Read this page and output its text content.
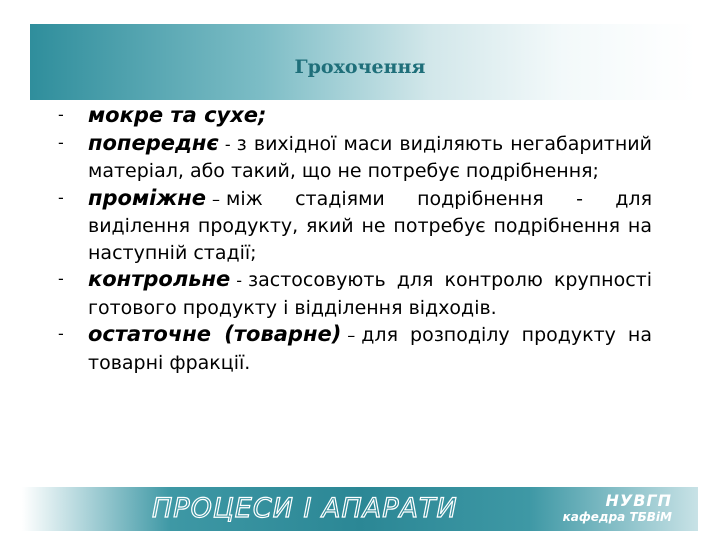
Грохочення
- мокре та сухе;
- попереднє - з вихідної маси виділяють негабаритний матеріал, або такий, що не потребує подрібнення;
- проміжне – між стадіями подрібнення - для виділення продукту, який не потребує подрібнення на наступній стадії;
- контрольне - застосовують для контролю крупності готового продукту і відділення відходів.
- остаточне (товарне) – для розподілу продукту на товарні фракції.
ПРОЦЕСИ І АПАРАТИ	НУВГП
кафедра ТБВіМ
